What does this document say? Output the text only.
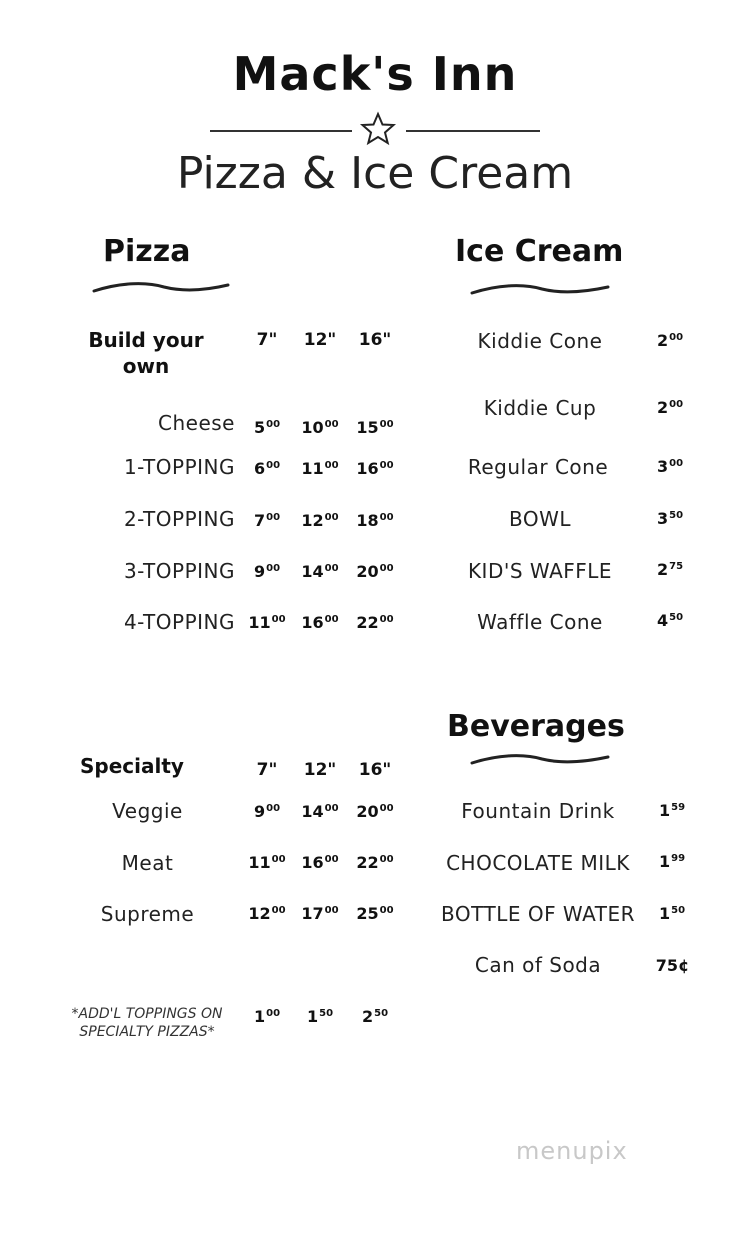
Mack's Inn
Pizza & Ice Cream
Pizza	Ice Cream
Build your
own
7"	12"	16"
Cheese	$5^{00}$	$10^{00}$	$15^{00}$
1-TOPPING	$6^{00}$	$11^{00}$	$16^{00}$
2-TOPPING	$7^{00}$	$12^{00}$	$18^{00}$
3-TOPPING	$9^{00}$	$14^{00}$	$20^{00}$
4-TOPPING $11^{00}$ $16^{00}$	$22^{00}$
Kiddie Cone	$2^{00}$
Kiddie Cup	$2^{00}$
Regular Cone	$3^{00}$
BOWL	$3^{50}$
KID'S WAFFLE	$2^{75}$
Waffle Cone	$4^{50}$
Beverages
Specialty	7"	12"	16"
Veggie	$9^{00}$	$14^{00}$	$20^{00}$
Meat	$11^{00}$ $16^{00}$	$22^{00}$
Supreme	$12^{00}$ $17^{00}$	$25^{00}$
*ADD'L TOPPINGS ON
SPECIALTY PIZZAS*
$1^{00}$	$1^{50}$	$2^{50}$
Fountain Drink	$1^{59}$
CHOCOLATE MILK	$1^{99}$
BOTTLE OF WATER	$1^{50}$
Can of Soda	75¢
menupix
